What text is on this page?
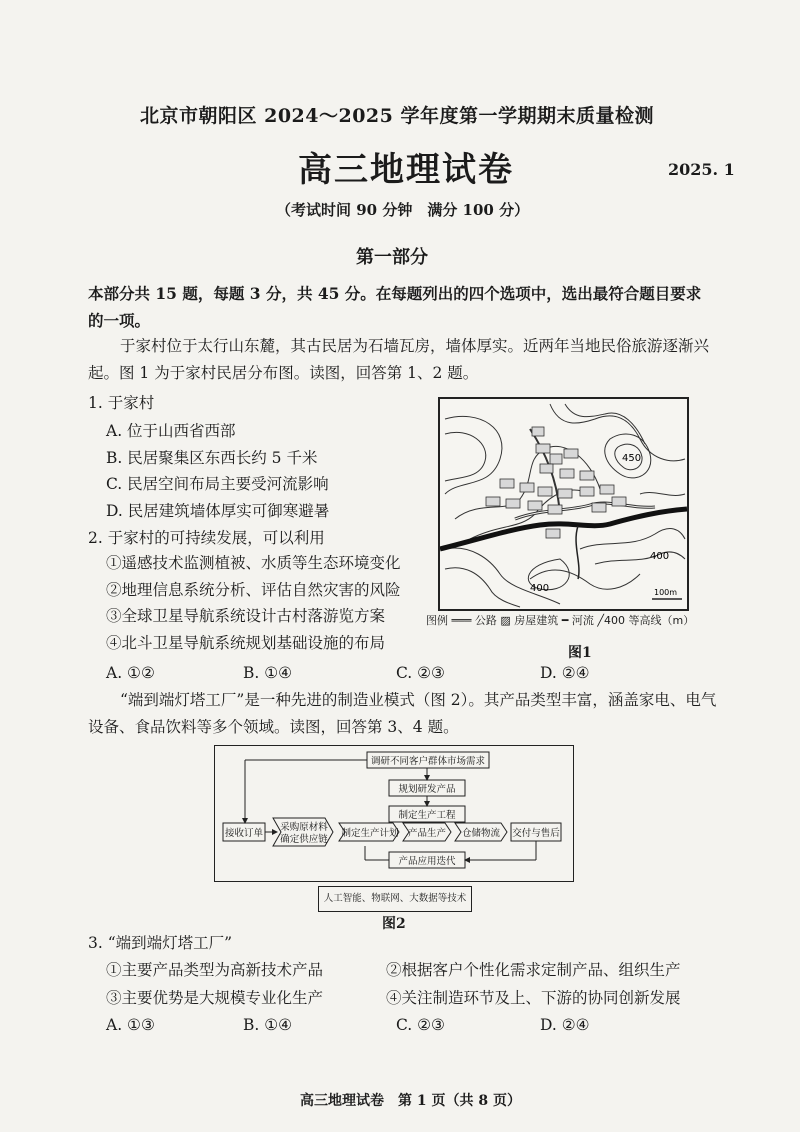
北京市朝阳区 2024～2025 学年度第一学期期末质量检测
高三地理试卷	2025. 1
（考试时间 90 分钟　满分 100 分）
第一部分
本部分共 15 题，每题 3 分，共 45 分。在每题列出的四个选项中，选出最符合题目要求
的一项。
于家村位于太行山东麓，其古民居为石墙瓦房，墙体厚实。近两年当地民俗旅游逐渐兴
起。图 1 为于家村民居分布图。读图，回答第 1、2 题。
1. 于家村
A. 位于山西省西部
B. 民居聚集区东西长约 5 千米
C. 民居空间布局主要受河流影响
D. 民居建筑墙体厚实可御寒避暑
2. 于家村的可持续发展，可以利用
①遥感技术监测植被、水质等生态环境变化
②地理信息系统分析、评估自然灾害的风险
③全球卫星导航系统设计古村落游览方案
④北斗卫星导航系统规划基础设施的布局
A. ①②	B. ①④	C. ②③	D. ②④
450
400
400	100m
图例 ═══ 公路 ▨ 房屋建筑 ━ 河流 ╱400 等高线（m）
图1
“端到端灯塔工厂”是一种先进的制造业模式（图 2）。其产品类型丰富，涵盖家电、电气
设备、食品饮料等多个领域。读图，回答第 3、4 题。
调研不同客户群体市场需求
规划研发产品
制定生产工程
接收订单
采购原材料
确定供应链
制定生产计划 产品生产 仓储物流 交付与售后
产品应用迭代
人工智能、物联网、大数据等技术
图2
3. “端到端灯塔工厂”
①主要产品类型为高新技术产品	②根据客户个性化需求定制产品、组织生产
③主要优势是大规模专业化生产	④关注制造环节及上、下游的协同创新发展
A. ①③	B. ①④	C. ②③	D. ②④
高三地理试卷　第 1 页（共 8 页）
